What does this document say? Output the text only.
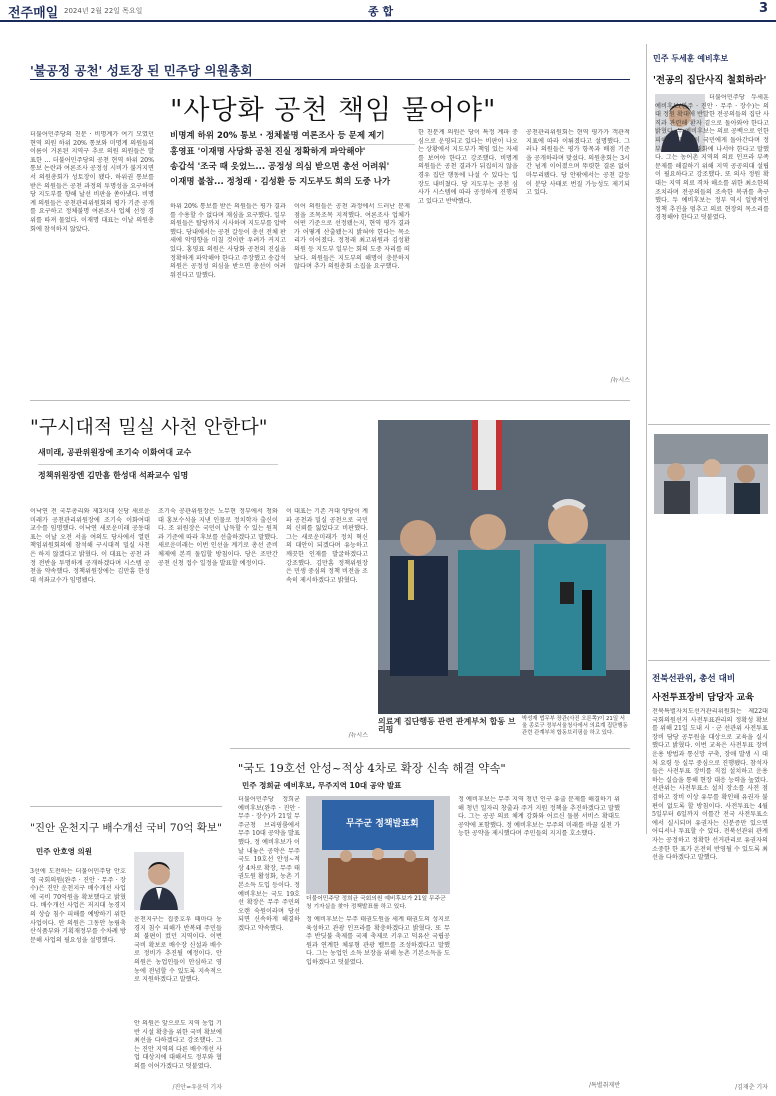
전주매일 2024년 2월 22일 목요일	종 합	3
'불공정 공천' 성토장 된 민주당 의원총회
"사당화 공천 책임 물어야"
더불어민주당의 친문 · 비명계가 여기 모였던 현역 의원 하위 20% 통보와 미명계 의원들의 이름이 거론된 지역구 추로 의원 의원들은 발표한 ... 더불어민주당의 공천 현역 하위 20% 통보 논란과 여론조사 공정성 시비가 불거지면서 의원총회가 성토장이 됐다. 하위권 통보를 받은 의원들은 공천 과정의 투명성을 요구하며 당 지도부를 향해 날선 비판을 쏟아냈다. 비명계 의원들은 공천관리위원회의 평가 기준 공개를 요구하고 정체불명 여론조사 업체 선정 경위를 따져 물었다. 이재명 대표는 이날 의원총회에 참석하지 않았다.
비명계 하위 20% 통보 · 정체불명 여론조사 등 문제 제기
홍영표 '이재명 사당화 공천 진실 정확하게 파악해야'
송갑석 '조국 때 읏었느... 공정성 의심 받으면 총선 어려워'
이재명 불참... 정청래 · 김성환 등 지도부도 회의 도중 나가
하위 20% 통보를 받은 의원들은 평가 결과를 수용할 수 없다며 재심을 요구했다. 일부 의원들은 탈당까지 시사하며 지도부를 압박했다. 당내에서는 공천 갈등이 총선 전체 판세에 악영향을 미칠 것이란 우려가 커지고 있다. 홍영표 의원은 사당화 공천의 진실을 정확하게 파악해야 한다고 주장했고 송갑석 의원은 공정성 의심을 받으면 총선이 어려워진다고 말했다.
이어 의원들은 공천 과정에서 드러난 문제점을 조목조목 지적했다. 여론조사 업체가 어떤 기준으로 선정됐는지, 현역 평가 결과가 어떻게 산출됐는지 밝혀야 한다는 목소리가 이어졌다. 정청래 최고위원과 김성환 의원 등 지도부 일부는 회의 도중 자리를 떠났다. 의원들은 지도부의 해명이 충분하지 않다며 추가 의원총회 소집을 요구했다.
한 친문계 의원은 당이 특정 계파 중심으로 운영되고 있다는 비판이 나오는 상황에서 지도부가 책임 있는 자세를 보여야 한다고 강조했다. 비명계 의원들은 공천 결과가 뒤집히지 않을 경우 집단 행동에 나설 수 있다는 입장도 내비쳤다. 당 지도부는 공천 심사가 시스템에 따라 공정하게 진행되고 있다고 반박했다.
공천관리위원회는 현역 평가가 객관적 지표에 따라 이뤄졌다고 설명했다. 그러나 의원들은 평가 항목과 배점 기준을 공개하라며 맞섰다. 의원총회는 3시간 넘게 이어졌으며 뚜렷한 결론 없이 마무리됐다. 당 안팎에서는 공천 갈등이 분당 사태로 번질 가능성도 제기되고 있다.
/뉴시스
민주 두세훈 예비후보
'전공의 집단사직 철회하라'
더불어민주당 두세훈 예비후보(완주 · 진안 · 무주 · 장수)는 의대 정원 확대에 반발한 전공의들의 집단 사직과 관련해 환자 곁으로 돌아와야 한다고 밝혔다. 두 예비후보는 의료 공백으로 인한 피해는 고스란히 국민에게 돌아간다며 정부와 의료계가 대화에 나서야 한다고 말했다. 그는 농어촌 지역의 의료 인프라 부족 문제를 해결하기 위해 지역 공공의대 설립이 필요하다고 강조했다. 또 의사 정원 확대는 지역 의료 격차 해소를 위한 최소한의 조치라며 전공의들의 조속한 복귀를 촉구했다. 두 예비후보는 정부 역시 일방적인 정책 추진을 멈추고 의료 현장의 목소리를 경청해야 한다고 덧붙였다.
전북선관위, 총선 대비
사전투표장비 담당자 교육
전북특별자치도선거관리위원회는 제22대 국회의원선거 사전투표관리의 정확성 확보를 위해 21일 도내 시 · 군 선관위 사전투표장비 담당 공무원을 대상으로 교육을 실시했다고 밝혔다. 이번 교육은 사전투표 장비 운용 방법과 통신망 구축, 장애 발생 시 대처 요령 등 실무 중심으로 진행됐다. 참석자들은 사전투표 장비를 직접 설치하고 운용하는 실습을 통해 현장 대응 능력을 높였다. 선관위는 사전투표소 설치 장소를 사전 점검하고 장비 이상 유무를 확인해 유권자 불편이 없도록 할 방침이다. 사전투표는 4월 5일부터 6일까지 이틀간 전국 사전투표소에서 실시되며 유권자는 신분증만 있으면 어디서나 투표할 수 있다. 전북선관위 관계자는 공정하고 정확한 선거관리로 유권자의 소중한 한 표가 온전히 반영될 수 있도록 최선을 다하겠다고 말했다.
/김재춘 기자
"구시대적 밀실 사천 안한다"
새미래, 공관위원장에 조기숙 이화여대 교수
정책위원장엔 김만흠 한성대 석좌교수 임명
이낙연 전 국무총리와 제3지대 신당 새로운미래가 공천관리위원장에 조기숙 이화여대 교수를 임명했다. 이낙연 새로운미래 공동대표는 이날 오전 서울 여의도 당사에서 열린 책임위원회의에 참석해 구시대적 밀실 사천은 하지 않겠다고 밝혔다. 이 대표는 공천 과정 전반을 투명하게 공개하겠다며 시스템 공천을 약속했다. 정책위원장에는 김만흠 한성대 석좌교수가 임명됐다.
조기숙 공관위원장은 노무현 정부에서 청와대 홍보수석을 지낸 인물로 정치학자 출신이다. 조 위원장은 국민이 납득할 수 있는 원칙과 기준에 따라 후보를 선출하겠다고 말했다. 새로운미래는 이번 인선을 계기로 총선 준비 체제에 본격 돌입할 방침이다. 당은 조만간 공천 신청 접수 일정을 발표할 예정이다.
이 대표는 기존 거대 양당이 계파 공천과 밀실 공천으로 국민의 신뢰를 잃었다고 비판했다. 그는 새로운미래가 정치 혁신의 대안이 되겠다며 유능하고 깨끗한 인재를 발굴하겠다고 강조했다. 김만흠 정책위원장은 민생 중심의 정책 비전을 조속히 제시하겠다고 밝혔다.
/뉴시스
의료계 집단행동 관련 관계부처 합동 브리핑
박성재 법무부 장관(사진 오른쪽)이 21일 서울 종로구 정부서울청사에서 의료계 집단행동 관련 관계부처 합동브리핑을 하고 있다.
"국도 19호선 안성~적상 4차로 확장 신속 해결 약속"
민주 정희균 예비후보, 무주지역 10대 공약 발표
더불어민주당 정희균 예비후보(완주 · 진안 · 무주 · 장수)가 21일 무주군청 브리핑룸에서 무주 10대 공약을 발표했다. 정 예비후보가 이날 내놓은 공약은 무주 국도 19호선 안성~적상 4차로 확장, 무주 태권도원 활성화, 농촌 기본소득 도입 등이다. 정 예비후보는 국도 19호선 확장은 무주 주민의 오랜 숙원이라며 당선되면 신속하게 해결하겠다고 약속했다.
무주군 정책발표회
더불어민주당 정희균 국회의원 예비후보가 21일 무주군청 기자실을 찾아 정책발표를 하고 있다.
정 예비후보는 무주 태권도원을 세계 태권도의 성지로 육성하고 관광 인프라를 확충하겠다고 밝혔다. 또 무주 반딧불 축제를 국제 축제로 키우고 덕유산 국립공원과 연계한 체류형 관광 벨트를 조성하겠다고 말했다. 그는 농업인 소득 보장을 위해 농촌 기본소득을 도입하겠다고 덧붙였다.
정 예비후보는 무주 지역 청년 인구 유출 문제를 해결하기 위해 청년 일자리 창출과 주거 지원 정책을 추진하겠다고 말했다. 그는 공공 의료 체계 강화와 어르신 돌봄 서비스 확대도 공약에 포함했다. 정 예비후보는 무주의 미래를 바꿀 실천 가능한 공약을 제시했다며 주민들의 지지를 호소했다.
/특별취재반
"진안 운천지구 배수개선 국비 70억 확보"
민주 안호영 의원
3선에 도전하는 더불어민주당 안호영 국회의원(완주 · 진안 · 무주 · 장수)은 진안 운천지구 배수개선 사업에 국비 70억원을 확보했다고 밝혔다. 배수개선 사업은 저지대 농경지의 상습 침수 피해를 예방하기 위한 사업이다. 안 의원은 그동안 농림축산식품부와 기획재정부를 수차례 방문해 사업의 필요성을 설명했다.
운천지구는 집중호우 때마다 농경지 침수 피해가 반복돼 주민들의 불편이 컸던 지역이다. 이번 국비 확보로 배수장 신설과 배수로 정비가 추진될 예정이다. 안 의원은 농업인들이 안심하고 영농에 전념할 수 있도록 지속적으로 지원하겠다고 말했다.
안 의원은 앞으로도 지역 농업 기반 시설 확충을 위한 국비 확보에 최선을 다하겠다고 강조했다. 그는 진안 지역의 다른 배수개선 사업 대상지에 대해서도 정부와 협의를 이어가겠다고 덧붙였다.
/진안=우윤덕 기자
